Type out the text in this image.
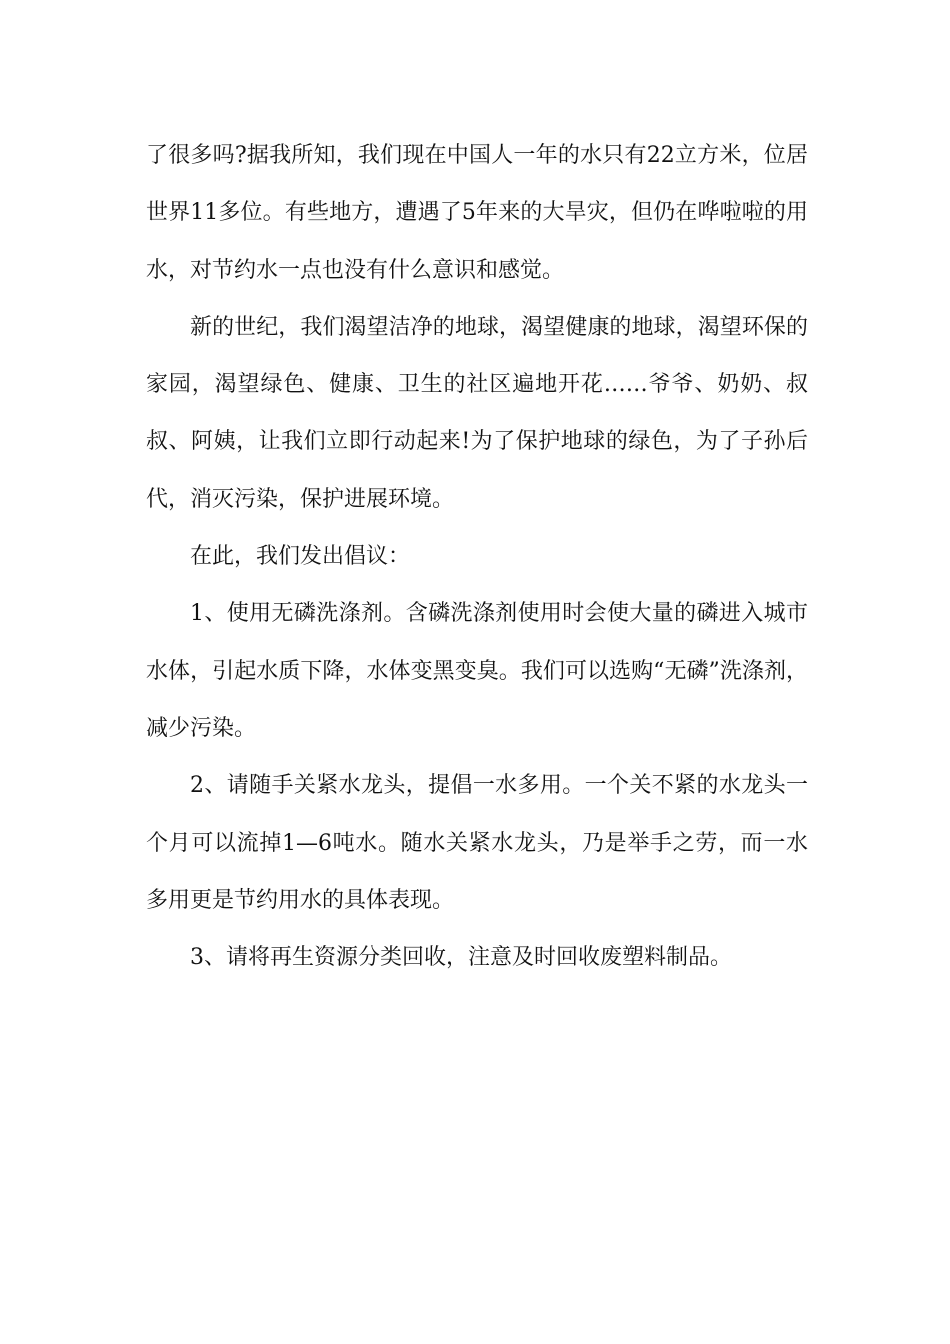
了很多吗?据我所知，我们现在中国人一年的水只有22立方米，位居世界11多位。有些地方，遭遇了5年来的大旱灾，但仍在哗啦啦的用水，对节约水一点也没有什么意识和感觉。

新的世纪，我们渴望洁净的地球，渴望健康的地球，渴望环保的家园，渴望绿色、健康、卫生的社区遍地开花……爷爷、奶奶、叔叔、阿姨，让我们立即行动起来!为了保护地球的绿色，为了子孙后代，消灭污染，保护进展环境。

在此，我们发出倡议：

1、使用无磷洗涤剂。含磷洗涤剂使用时会使大量的磷进入城市水体，引起水质下降，水体变黑变臭。我们可以选购“无磷”洗涤剂，减少污染。

2、请随手关紧水龙头，提倡一水多用。一个关不紧的水龙头一个月可以流掉1—6吨水。随水关紧水龙头，乃是举手之劳，而一水多用更是节约用水的具体表现。

3、请将再生资源分类回收，注意及时回收废塑料制品。
